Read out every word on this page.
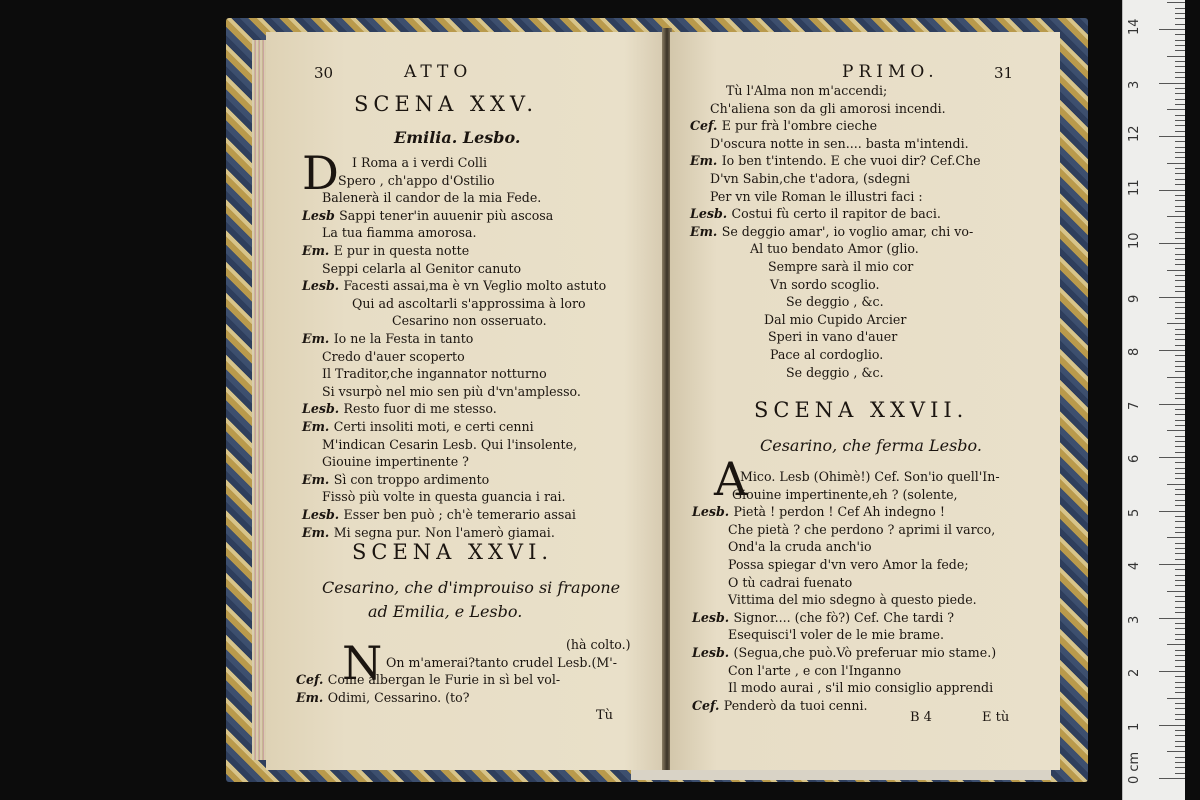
30	ATTO
SCENA XXV.
Emilia. Lesbo.
D I Roma a i verdi Colli
Spero , ch'appo d'Ostilio
Balenerà il candor de la mia Fede.
Lesb Sappi tener'in auuenir più ascosa
La tua fiamma amorosa.
Em. E pur in questa notte
Seppi celarla al Genitor canuto
Lesb. Facesti assai,ma è vn Veglio molto astuto
Qui ad ascoltarli s'approssima à loro
Cesarino non osseruato.
Em. Io ne la Festa in tanto
Credo d'auer scoperto
Il Traditor,che ingannator notturno
Si vsurpò nel mio sen più d'vn'amplesso.
Lesb. Resto fuor di me stesso.
Em. Certi insoliti moti, e certi cenni
M'indican Cesarin Lesb. Qui l'insolente,
Giouine impertinente ?
Em. Sì con troppo ardimento
Fissò più volte in questa guancia i rai.
Lesb. Esser ben può ; ch'è temerario assai
Em. Mi segna pur. Non l'amerò giamai.
SCENA XXVI.
Cesarino, che d'improuiso si frapone
ad Emilia, e Lesbo.
N	(hà colto.)
On m'amerai?tanto crudel Lesb.(M'-
Cef. Come albergan le Furie in sì bel vol-
Em. Odimi, Cessarino. (to?
Tù
PRIMO.	31
Tù l'Alma non m'accendi;
Ch'aliena son da gli amorosi incendi.
Cef. E pur frà l'ombre cieche
D'oscura notte in sen.... basta m'intendi.
Em. Io ben t'intendo. E che vuoi dir? Cef.Che
D'vn Sabin,che t'adora, (sdegni
Per vn vile Roman le illustri faci :
Lesb. Costui fù certo il rapitor de baci.
Em. Se deggio amar', io voglio amar, chi vo-
Al tuo bendato Amor (glio.
Sempre sarà il mio cor
Vn sordo scoglio.
Se deggio , &c.
Dal mio Cupido Arcier
Speri in vano d'auer
Pace al cordoglio.
Se deggio , &c.
SCENA XXVII.
Cesarino, che ferma Lesbo.
A
Mico. Lesb (Ohimè!) Cef. Son'io quell'In-
Giouine impertinente,eh ? (solente,
Lesb. Pietà ! perdon ! Cef Ah indegno !
Che pietà ? che perdono ? aprimi il varco,
Ond'a la cruda anch'io
Possa spiegar d'vn vero Amor la fede;
O tù cadrai fuenato
Vittima del mio sdegno à questo piede.
Lesb. Signor.... (che fò?) Cef. Che tardi ?
Esequisci'l voler de le mie brame.
Lesb. (Segua,che può.Vò preferuar mio stame.)
Con l'arte , e con l'Inganno
Il modo aurai , s'il mio consiglio apprendi
Cef. Penderò da tuoi cenni.
B 4	E tù
0 cm
1
2
3
4
5
6
7
8
9
10
11
12
3
14
